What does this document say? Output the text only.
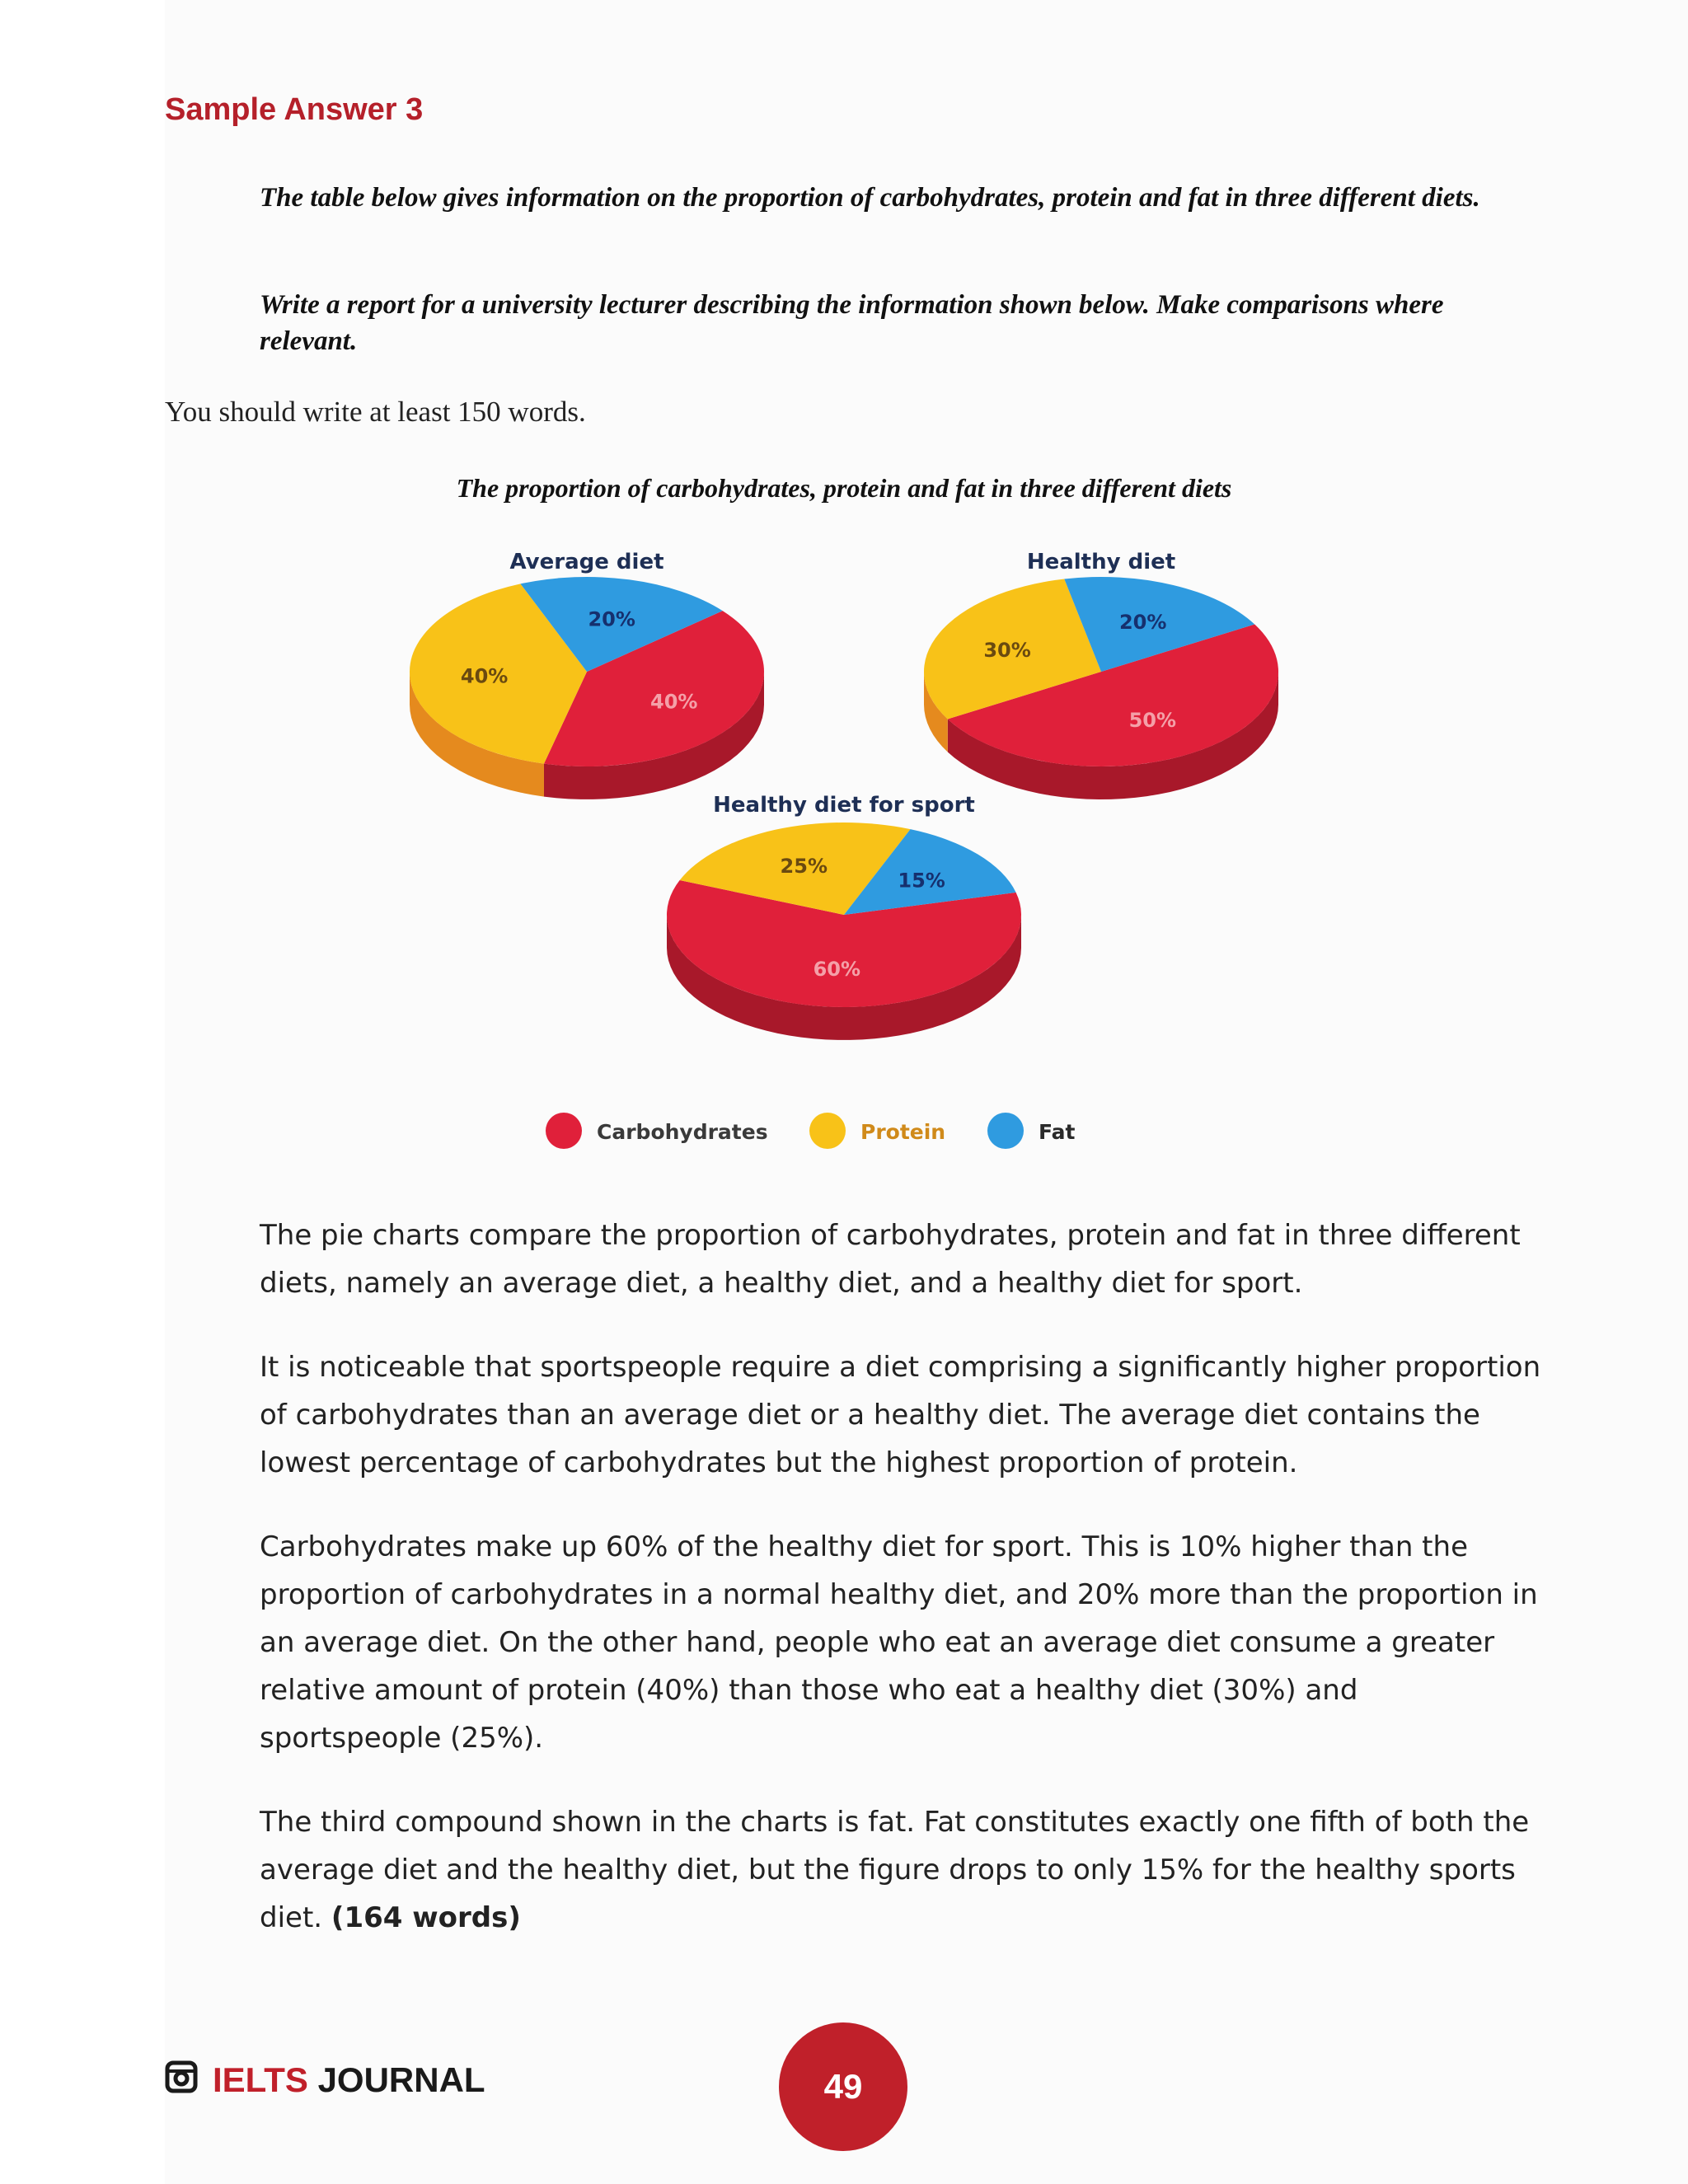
Sample Answer 3
The table below gives information on the proportion of carbohydrates, protein and fat in three different diets.
Write a report for a university lecturer describing the information shown below. Make comparisons where relevant.
You should write at least 150 words.
The proportion of carbohydrates, protein and fat in three different diets
Average diet
40%
40%
20%
Healthy diet
50%
30%
20%
Healthy diet for sport
60%
25%
15%
Carbohydrates	Protein	Fat
The pie charts compare the proportion of carbohydrates, protein and fat in three different diets, namely an average diet, a healthy diet, and a healthy diet for sport.
It is noticeable that sportspeople require a diet comprising a significantly higher proportion of carbohydrates than an average diet or a healthy diet. The average diet contains the lowest percentage of carbohydrates but the highest proportion of protein.
Carbohydrates make up 60% of the healthy diet for sport. This is 10% higher than the proportion of carbohydrates in a normal healthy diet, and 20% more than the proportion in an average diet. On the other hand, people who eat an average diet consume a greater relative amount of protein (40%) than those who eat a healthy diet (30%) and sportspeople (25%).
The third compound shown in the charts is fat. Fat constitutes exactly one fifth of both the average diet and the healthy diet, but the figure drops to only 15% for the healthy sports diet. (164 words)
IELTS JOURNAL	49
